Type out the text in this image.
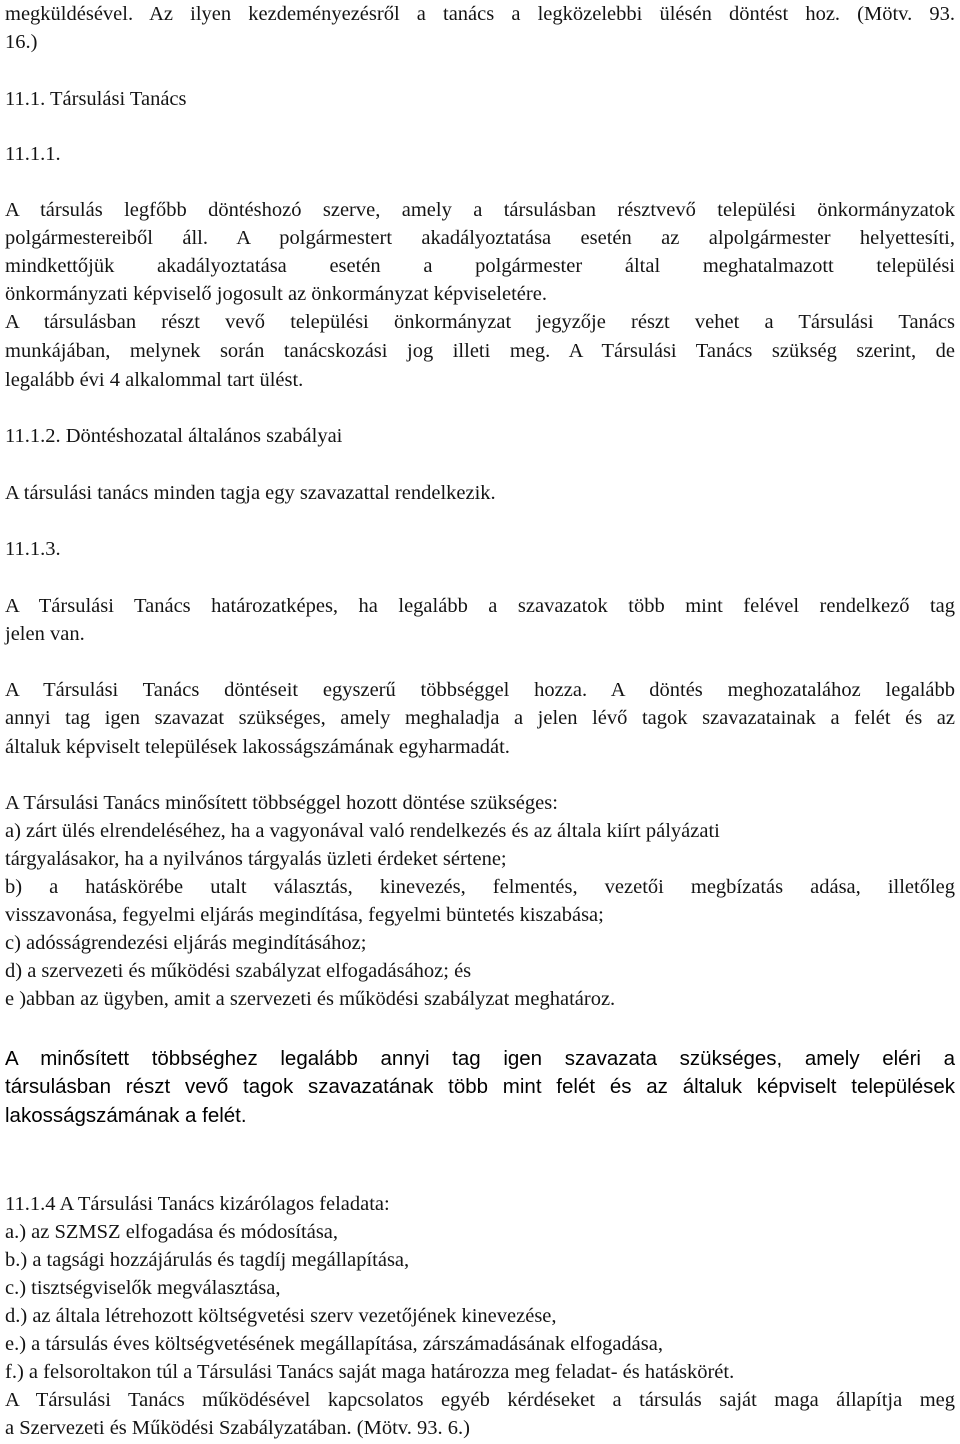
megküldésével. Az ilyen kezdeményezésről a tanács a legközelebbi ülésén döntést hoz. (Mötv. 93.
16.)
11.1. Társulási Tanács
11.1.1.
A társulás legfőbb döntéshozó szerve, amely a társulásban résztvevő települési önkormányzatok
polgármestereiből áll. A polgármestert akadályoztatása esetén az alpolgármester helyettesíti,
mindkettőjük akadályoztatása esetén a polgármester által meghatalmazott települési
önkormányzati képviselő jogosult az önkormányzat képviseletére.
A társulásban részt vevő települési önkormányzat jegyzője részt vehet a Társulási Tanács
munkájában, melynek során tanácskozási jog illeti meg. A Társulási Tanács szükség szerint, de
legalább évi 4 alkalommal tart ülést.
11.1.2. Döntéshozatal általános szabályai
A társulási tanács minden tagja egy szavazattal rendelkezik.
11.1.3.
A Társulási Tanács határozatképes, ha legalább a szavazatok több mint felével rendelkező tag
jelen van.
A Társulási Tanács döntéseit egyszerű többséggel hozza. A döntés meghozatalához legalább
annyi tag igen szavazat szükséges, amely meghaladja a jelen lévő tagok szavazatainak a felét és az
általuk képviselt települések lakosságszámának egyharmadát.
A Társulási Tanács minősített többséggel hozott döntése szükséges:
a) zárt ülés elrendeléséhez, ha a vagyonával való rendelkezés és az általa kiírt pályázati
tárgyalásakor, ha a nyilvános tárgyalás üzleti érdeket sértene;
b) a hatáskörébe utalt választás, kinevezés, felmentés, vezetői megbízatás adása, illetőleg
visszavonása, fegyelmi eljárás megindítása, fegyelmi büntetés kiszabása;
c) adósságrendezési eljárás megindításához;
d) a szervezeti és működési szabályzat elfogadásához; és
e )abban az ügyben, amit a szervezeti és működési szabályzat meghatároz.
A minősített többséghez legalább annyi tag igen szavazata szükséges, amely eléri a
társulásban részt vevő tagok szavazatának több mint felét és az általuk képviselt települések
lakosságszámának a felét.
11.1.4 A Társulási Tanács kizárólagos feladata:
a.) az SZMSZ elfogadása és módosítása,
b.) a tagsági hozzájárulás és tagdíj megállapítása,
c.) tisztségviselők megválasztása,
d.) az általa létrehozott költségvetési szerv vezetőjének kinevezése,
e.) a társulás éves költségvetésének megállapítása, zárszámadásának elfogadása,
f.) a felsoroltakon túl a Társulási Tanács saját maga határozza meg feladat- és hatáskörét.
A Társulási Tanács működésével kapcsolatos egyéb kérdéseket a társulás saját maga állapítja meg
a Szervezeti és Működési Szabályzatában. (Mötv. 93. 6.)
